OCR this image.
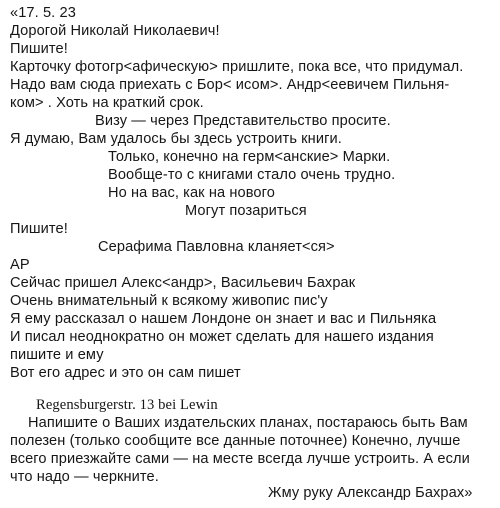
«17. 5. 23

Дорогой Николай Николаевич!

Пишите!

Карточку фотогр<афическую> пришлите, пока все, что придумал.

Надо вам сюда приехать с Бор< исом>. Андр<еевичем Пильня-

ком> . Хоть на краткий срок.

Визу — через Представительство просите.

Я думаю, Вам удалось бы здесь устроить книги.

Только, конечно на герм<анские> Марки.

Вообще-то с книгами стало очень трудно.

Но на вас, как на нового

Могут позариться

Пишите!

Серафима Павловна кланяет<ся>

АР

Сейчас пришел Алекс<андр>, Васильевич Бахрак

Очень внимательный к всякому живопис пис'у

Я ему рассказал о нашем Лондоне он знает и вас и Пильняка

И писал неоднократно он может сделать для нашего издания

пишите и ему

Вот его адрес и это он сам пишет

Regensburgerstr. 13 bei Lewin

Напишите о Ваших издательских планах, постараюсь быть Вам

полезен (только сообщите все данные поточнее) Конечно, лучше

всего приезжайте сами — на месте всегда лучше устроить. А если

что надо — черкните.

Жму руку Александр Бахрах»
